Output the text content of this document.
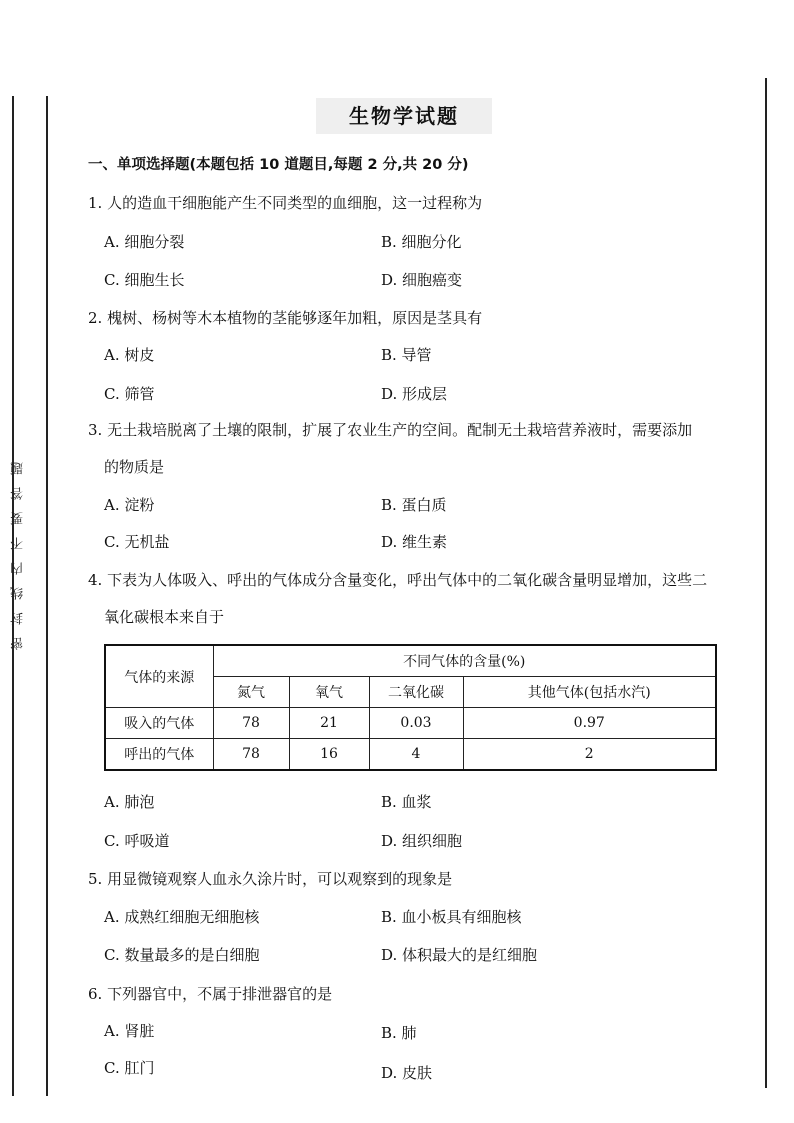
密封线内不要答题
生物学试题
一、单项选择题(本题包括 10 道题目,每题 2 分,共 20 分)
1. 人的造血干细胞能产生不同类型的血细胞，这一过程称为
A. 细胞分裂	B. 细胞分化
C. 细胞生长	D. 细胞癌变
2. 槐树、杨树等木本植物的茎能够逐年加粗，原因是茎具有
A. 树皮	B. 导管
C. 筛管	D. 形成层
3. 无土栽培脱离了土壤的限制，扩展了农业生产的空间。配制无土栽培营养液时，需要添加
的物质是
A. 淀粉	B. 蛋白质
C. 无机盐	D. 维生素
4. 下表为人体吸入、呼出的气体成分含量变化，呼出气体中的二氧化碳含量明显增加，这些二
氧化碳根本来自于
气体的来源	不同气体的含量(%)			
	氮气	氧气	二氧化碳	其他气体(包括水汽)
吸入的气体	78	21	0.03	0.97
呼出的气体	78	16	4	2
A. 肺泡	B. 血浆
C. 呼吸道	D. 组织细胞
5. 用显微镜观察人血永久涂片时，可以观察到的现象是
A. 成熟红细胞无细胞核	B. 血小板具有细胞核
C. 数量最多的是白细胞	D. 体积最大的是红细胞
6. 下列器官中，不属于排泄器官的是
A. 肾脏	B. 肺
C. 肛门	D. 皮肤
